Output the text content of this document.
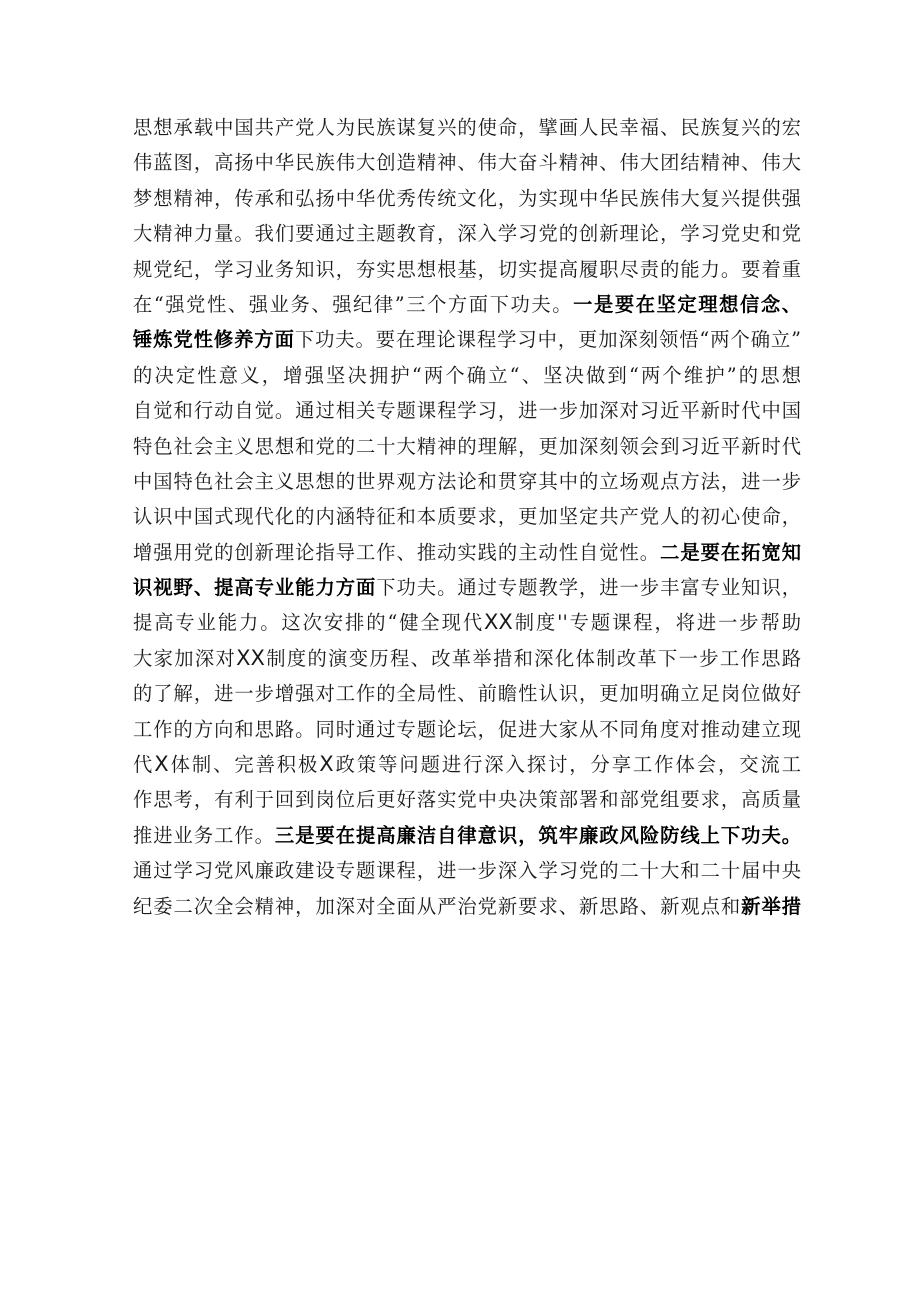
思想承载中国共产党人为民族谋复兴的使命，擘画人民幸福、民族复兴的宏
伟蓝图，高扬中华民族伟大创造精神、伟大奋斗精神、伟大团结精神、伟大
梦想精神，传承和弘扬中华优秀传统文化，为实现中华民族伟大复兴提供强
大精神力量。我们要通过主题教育，深入学习党的创新理论，学习党史和党
规党纪，学习业务知识，夯实思想根基，切实提高履职尽责的能力。要着重
在“强党性、强业务、强纪律”三个方面下功夫。一是要在坚定理想信念、
锤炼党性修养方面下功夫。要在理论课程学习中，更加深刻领悟“两个确立”
的决定性意义，增强坚决拥护“两个确立“、坚决做到“两个维护”的思想
自觉和行动自觉。通过相关专题课程学习，进一步加深对习近平新时代中国
特色社会主义思想和党的二十大精神的理解，更加深刻领会到习近平新时代
中国特色社会主义思想的世界观方法论和贯穿其中的立场观点方法，进一步
认识中国式现代化的内涵特征和本质要求，更加坚定共产党人的初心使命，
增强用党的创新理论指导工作、推动实践的主动性自觉性。二是要在拓宽知
识视野、提高专业能力方面下功夫。通过专题教学，进一步丰富专业知识，
提高专业能力。这次安排的“健全现代XX制度''专题课程，将进一步帮助
大家加深对XX制度的演变历程、改革举措和深化体制改革下一步工作思路
的了解，进一步增强对工作的全局性、前瞻性认识，更加明确立足岗位做好
工作的方向和思路。同时通过专题论坛，促进大家从不同角度对推动建立现
代X体制、完善积极X政策等问题进行深入探讨，分享工作体会，交流工
作思考，有利于回到岗位后更好落实党中央决策部署和部党组要求，高质量
推进业务工作。三是要在提高廉洁自律意识，筑牢廉政风险防线上下功夫。
通过学习党风廉政建设专题课程，进一步深入学习党的二十大和二十届中央
纪委二次全会精神，加深对全面从严治党新要求、新思路、新观点和新举措
